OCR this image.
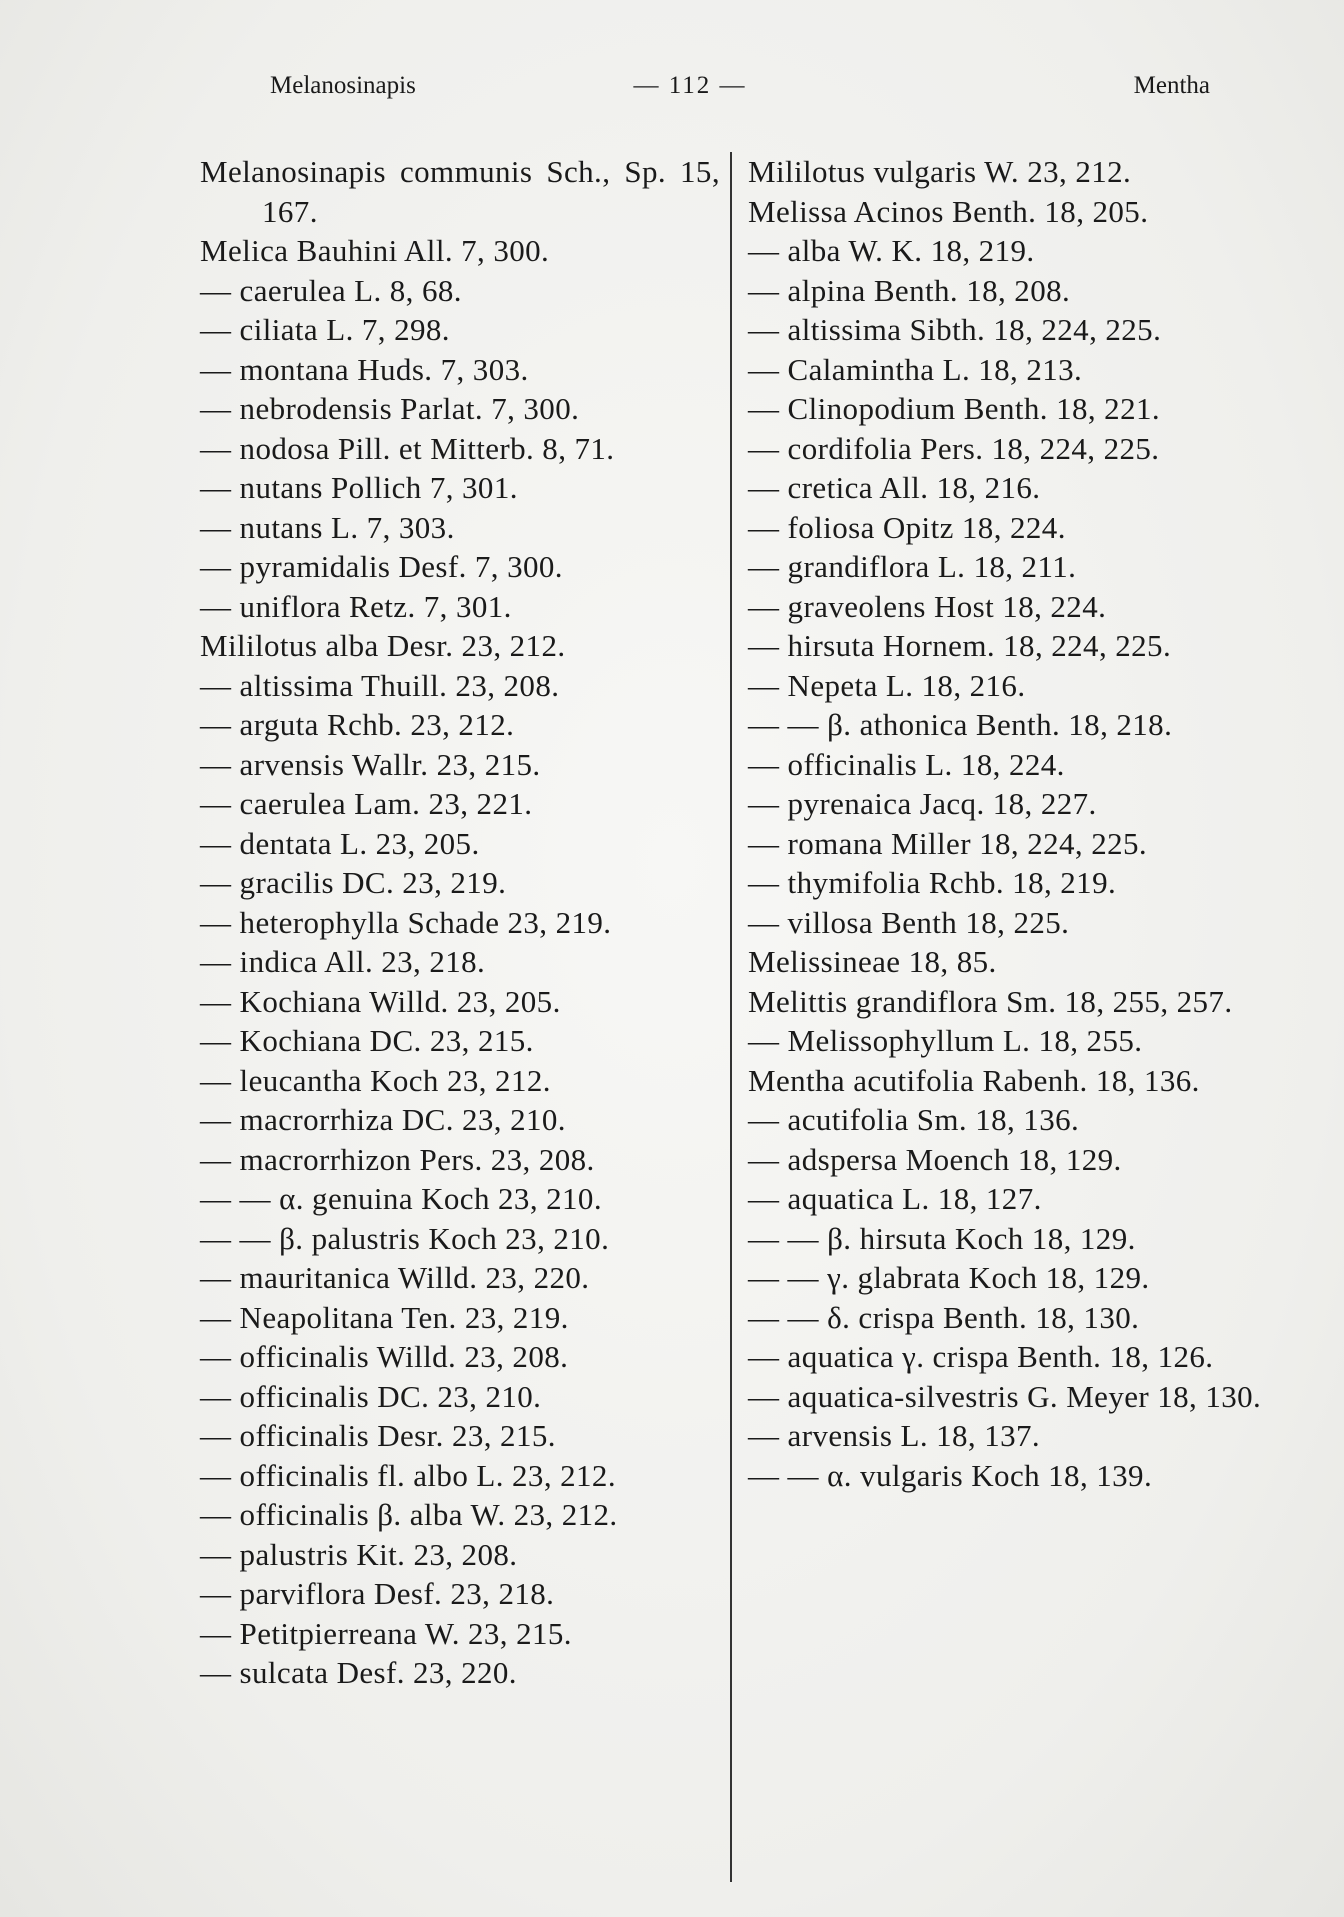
Melanosinapis	— 112 —	Mentha
Melanosinapis communis Sch., Sp. 15, 167.
Melica Bauhini All. 7, 300.
— caerulea L. 8, 68.
— ciliata L. 7, 298.
— montana Huds. 7, 303.
— nebrodensis Parlat. 7, 300.
— nodosa Pill. et Mitterb. 8, 71.
— nutans Pollich 7, 301.
— nutans L. 7, 303.
— pyramidalis Desf. 7, 300.
— uniflora Retz. 7, 301.
Mililotus alba Desr. 23, 212.
— altissima Thuill. 23, 208.
— arguta Rchb. 23, 212.
— arvensis Wallr. 23, 215.
— caerulea Lam. 23, 221.
— dentata L. 23, 205.
— gracilis DC. 23, 219.
— heterophylla Schade 23, 219.
— indica All. 23, 218.
— Kochiana Willd. 23, 205.
— Kochiana DC. 23, 215.
— leucantha Koch 23, 212.
— macrorrhiza DC. 23, 210.
— macrorrhizon Pers. 23, 208.
— — α. genuina Koch 23, 210.
— — β. palustris Koch 23, 210.
— mauritanica Willd. 23, 220.
— Neapolitana Ten. 23, 219.
— officinalis Willd. 23, 208.
— officinalis DC. 23, 210.
— officinalis Desr. 23, 215.
— officinalis fl. albo L. 23, 212.
— officinalis β. alba W. 23, 212.
— palustris Kit. 23, 208.
— parviflora Desf. 23, 218.
— Petitpierreana W. 23, 215.
— sulcata Desf. 23, 220.
Mililotus vulgaris W. 23, 212.
Melissa Acinos Benth. 18, 205.
— alba W. K. 18, 219.
— alpina Benth. 18, 208.
— altissima Sibth. 18, 224, 225.
— Calamintha L. 18, 213.
— Clinopodium Benth. 18, 221.
— cordifolia Pers. 18, 224, 225.
— cretica All. 18, 216.
— foliosa Opitz 18, 224.
— grandiflora L. 18, 211.
— graveolens Host 18, 224.
— hirsuta Hornem. 18, 224, 225.
— Nepeta L. 18, 216.
— — β. athonica Benth. 18, 218.
— officinalis L. 18, 224.
— pyrenaica Jacq. 18, 227.
— romana Miller 18, 224, 225.
— thymifolia Rchb. 18, 219.
— villosa Benth 18, 225.
Melissineae 18, 85.
Melittis grandiflora Sm. 18, 255, 257.
— Melissophyllum L. 18, 255.
Mentha acutifolia Rabenh. 18, 136.
— acutifolia Sm. 18, 136.
— adspersa Moench 18, 129.
— aquatica L. 18, 127.
— — β. hirsuta Koch 18, 129.
— — γ. glabrata Koch 18, 129.
— — δ. crispa Benth. 18, 130.
— aquatica γ. crispa Benth. 18, 126.
— aquatica-silvestris G. Meyer 18, 130.
— arvensis L. 18, 137.
— — α. vulgaris Koch 18, 139.
